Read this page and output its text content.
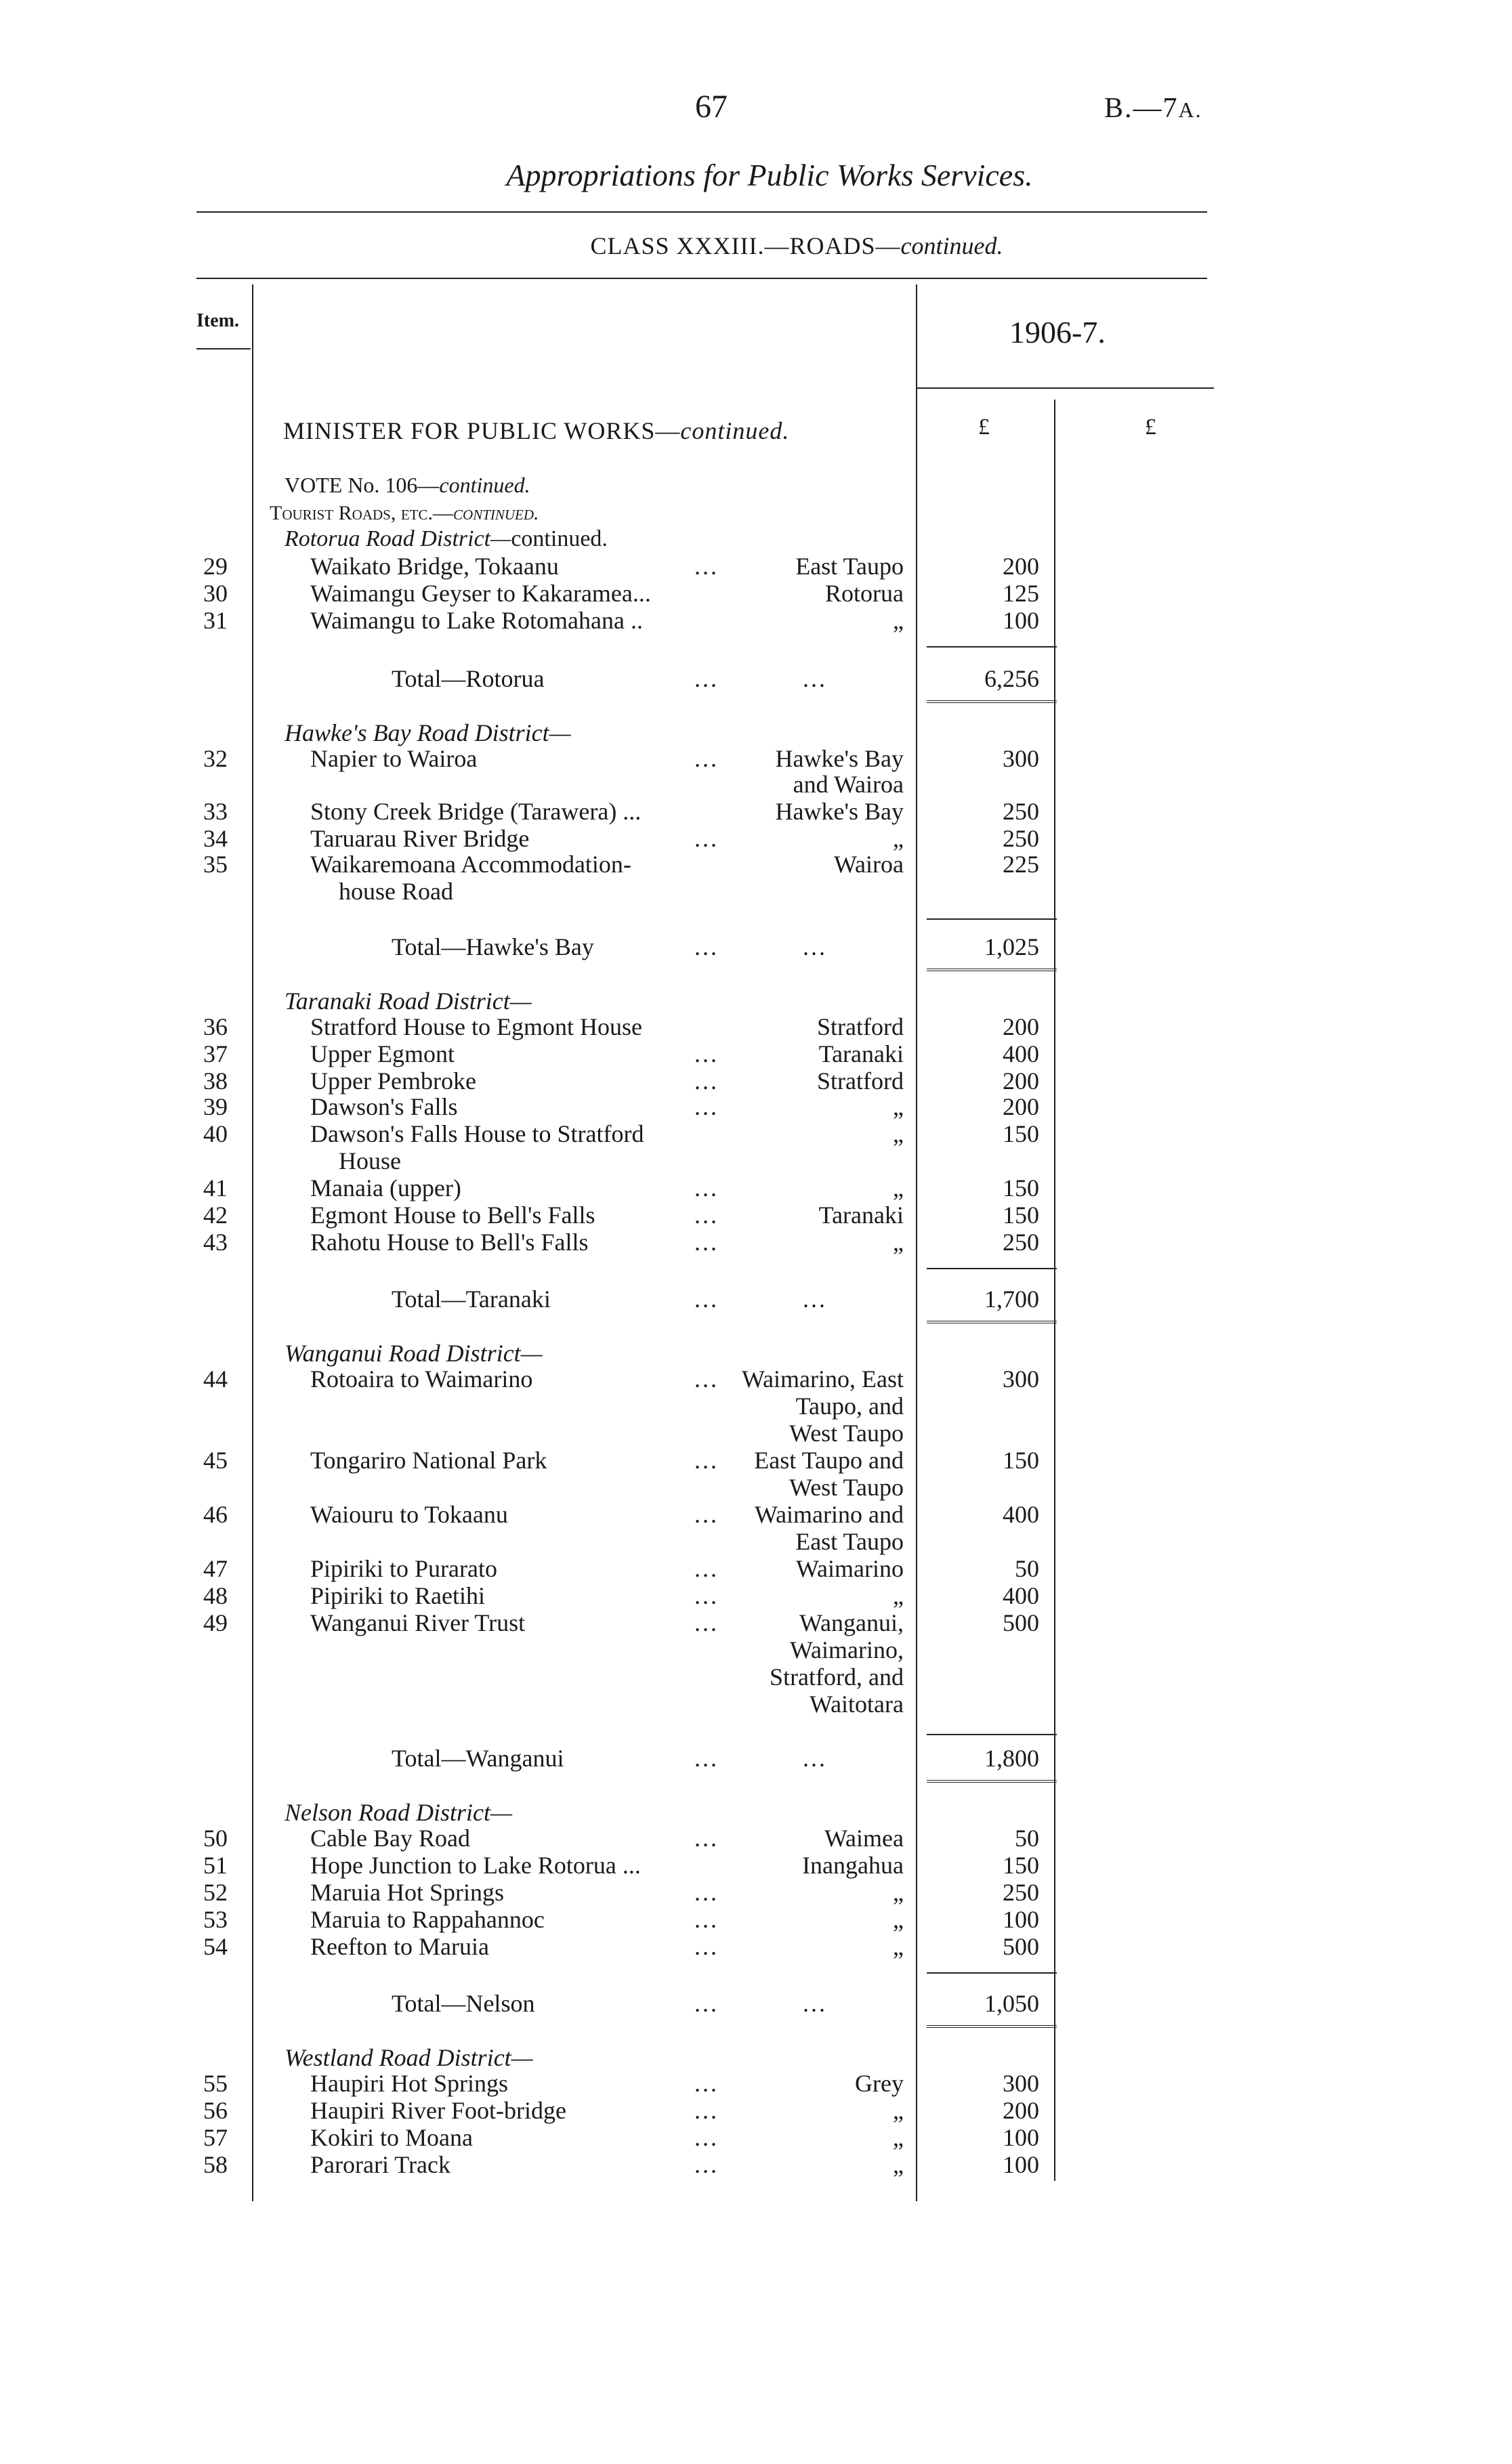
67	B.—7A.
Appropriations for Public Works Services.
CLASS XXXIII.—ROADS—continued.
Item.	1906-7.
£	£
MINISTER FOR PUBLIC WORKS—continued.
VOTE No. 106—continued.
Tourist Roads, etc.—continued.
Rotorua Road District—continued.
29	Waikato Bridge, Tokaanu	...	East Taupo	200
30	Waimangu Geyser to Kakaramea...	Rotorua	125
31	Waimangu to Lake Rotomahana ..	„	100
Total—Rotorua	...	...	6,256
Hawke's Bay Road District—
32	Napier to Wairoa	... Hawke's Bay	300
and Wairoa
33	Stony Creek Bridge (Tarawera) ...	Hawke's Bay	250
34	Taruarau River Bridge	...	„	250
35	Waikaremoana Accommodation-	Wairoa	225
house Road
Total—Hawke's Bay	...	...	1,025
Taranaki Road District—
36	Stratford House to Egmont House	Stratford	200
37	Upper Egmont	...	Taranaki	400
38	Upper Pembroke	...	Stratford	200
39	Dawson's Falls	...	„	200
40	Dawson's Falls House to Stratford	„	150
House
41	Manaia (upper)	...	„	150
42	Egmont House to Bell's Falls	...	Taranaki	150
43	Rahotu House to Bell's Falls	...	„	250
Total—Taranaki	...	...	1,700
Wanganui Road District—
44	Rotoaira to Waimarino	... Waimarino, East	300
Taupo, and
West Taupo
45	Tongariro National Park	... East Taupo and	150
West Taupo
46	Waiouru to Tokaanu	... Waimarino and	400
East Taupo
47	Pipiriki to Purarato	...	Waimarino	50
48	Pipiriki to Raetihi	...	„	400
49	Wanganui River Trust	...	Wanganui,	500
Waimarino,
Stratford, and
Waitotara
Total—Wanganui	...	...	1,800
Nelson Road District—
50	Cable Bay Road	...	Waimea	50
51	Hope Junction to Lake Rotorua ...	Inangahua	150
52	Maruia Hot Springs	...	„	250
53	Maruia to Rappahannoc	...	„	100
54	Reefton to Maruia	...	„	500
Total—Nelson	...	...	1,050
Westland Road District—
55	Haupiri Hot Springs	...	Grey	300
56	Haupiri River Foot-bridge	...	„	200
57	Kokiri to Moana	...	„	100
58	Parorari Track	...	„	100
